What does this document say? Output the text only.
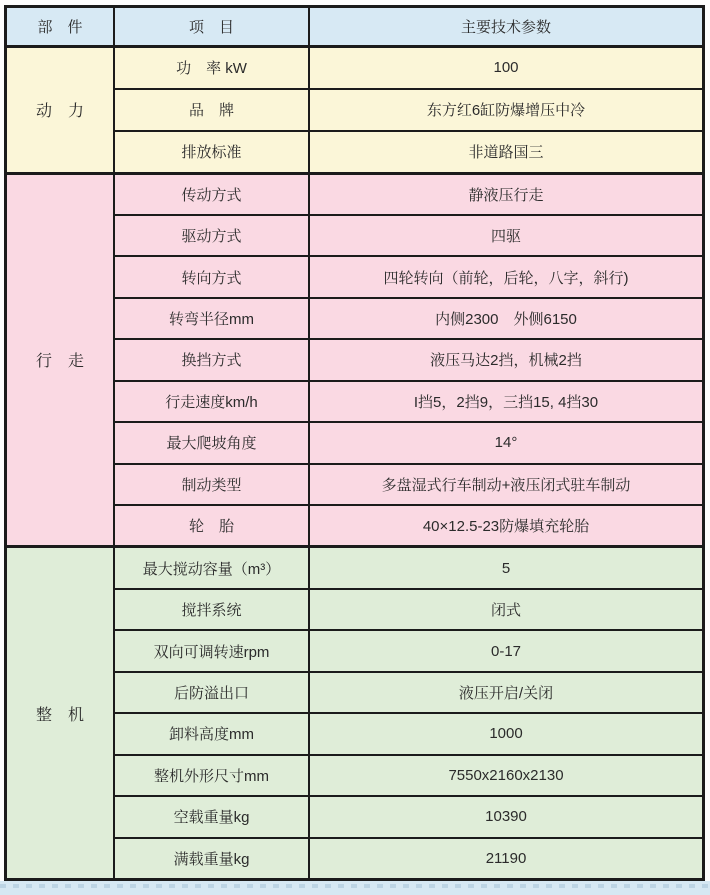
部　件	项　目	主要技术参数
动　力
功　率 kW	100
品　牌	东方红6缸防爆增压中冷
排放标准	非道路国三
行　走
传动方式	静液压行走
驱动方式	四驱
转向方式	四轮转向（前轮，后轮，八字，斜行)
转弯半径mm	内侧2300　外侧6150
换挡方式	液压马达2挡，机械2挡
行走速度km/h	I挡5，2挡9，三挡15, 4挡30
最大爬坡角度	14°
制动类型	多盘湿式行车制动+液压闭式驻车制动
轮　胎	40×12.5-23防爆填充轮胎
整　机
最大搅动容量（m³）	5
搅拌系统	闭式
双向可调转速rpm	0-17
后防溢出口	液压开启/关闭
卸料高度mm	1000
整机外形尺寸mm	7550x2160x2130
空载重量kg	10390
满载重量kg	21190
